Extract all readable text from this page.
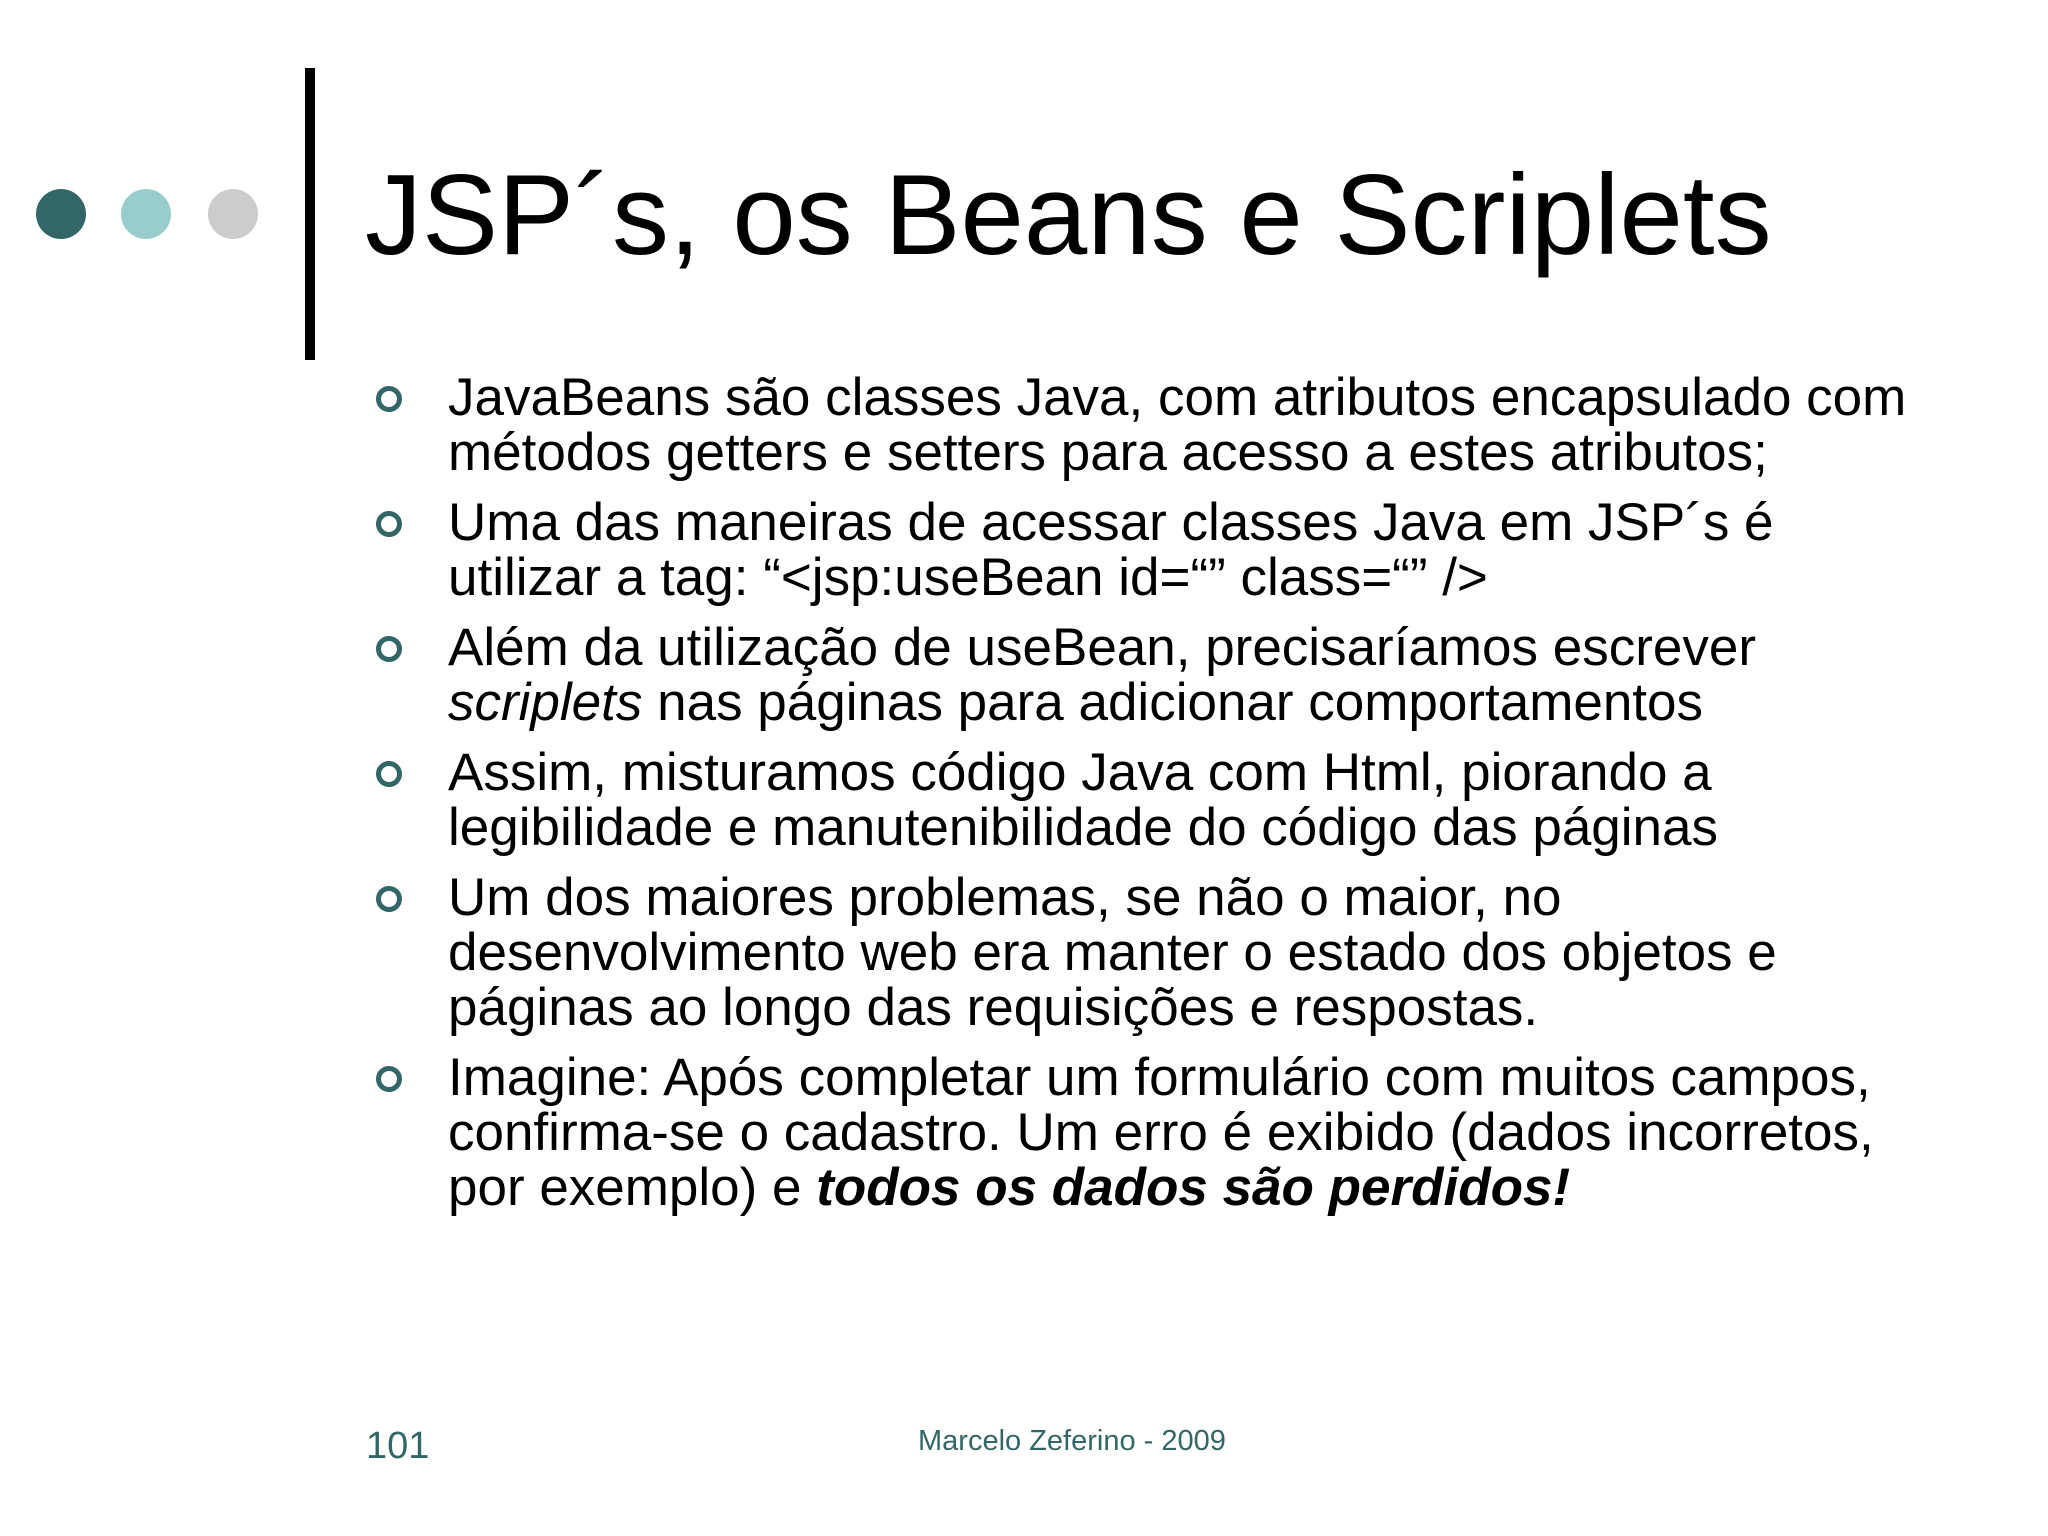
JSP´s, os Beans e Scriplets
JavaBeans são classes Java, com atributos encapsulado com métodos getters e setters para acesso a estes atributos;
Uma das maneiras de acessar classes Java em JSP´s é utilizar a tag: “<jsp:useBean id=“” class=“” />
Além da utilização de useBean, precisaríamos escrever scriplets nas páginas para adicionar comportamentos
Assim, misturamos código Java com Html, piorando a legibilidade e manutenibilidade do código das páginas
Um dos maiores problemas, se não o maior, no desenvolvimento web era manter o estado dos objetos e páginas ao longo das requisições e respostas.
Imagine: Após completar um formulário com muitos campos, confirma-se o cadastro. Um erro é exibido (dados incorretos, por exemplo) e todos os dados são perdidos!
101	Marcelo Zeferino - 2009
